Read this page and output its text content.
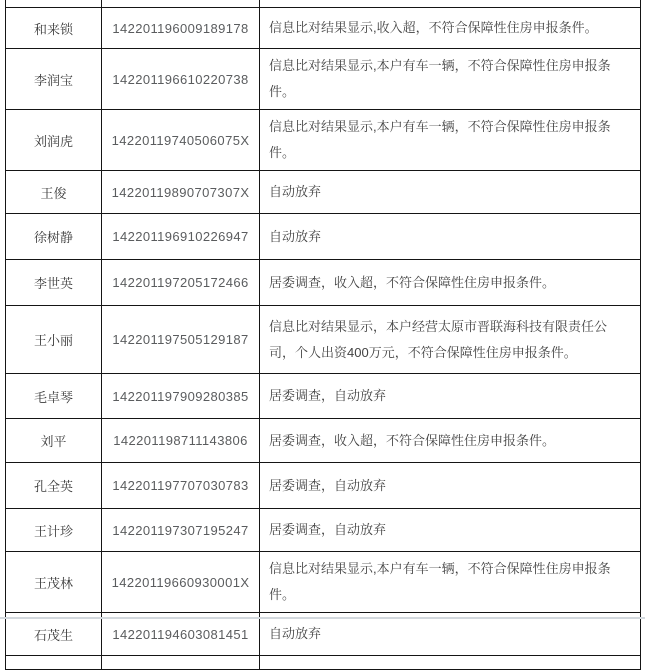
和来锁	142201196009189178	信息比对结果显示,收入超，不符合保障性住房申报条件。
李润宝	142201196610220738	信息比对结果显示,本户有车一辆，不符合保障性住房申报条件。
刘润虎	14220119740506075X	信息比对结果显示,本户有车一辆，不符合保障性住房申报条件。
王俊	14220119890707307X	自动放弃
徐树静	142201196910226947	自动放弃
李世英	142201197205172466	居委调查，收入超，不符合保障性住房申报条件。
王小丽	142201197505129187	信息比对结果显示，本户经营太原市晋联海科技有限责任公司，个人出资400万元，不符合保障性住房申报条件。
毛卓琴	142201197909280385	居委调查，自动放弃
刘平	142201198711143806	居委调查，收入超，不符合保障性住房申报条件。
孔全英	142201197707030783	居委调查，自动放弃
王计珍	142201197307195247	居委调查，自动放弃
王茂林	14220119660930001X	信息比对结果显示,本户有车一辆，不符合保障性住房申报条件。
石茂生	142201194603081451	自动放弃
